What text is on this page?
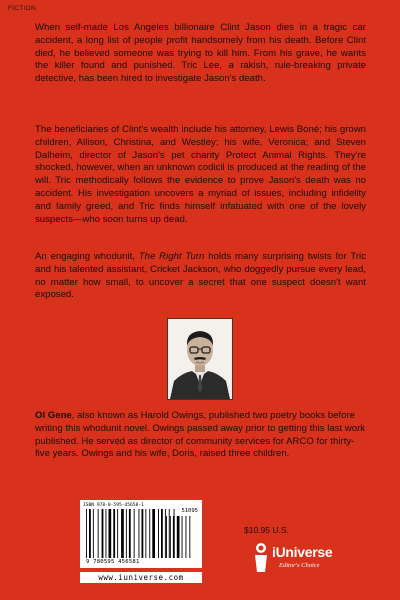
FICTION

When self-made Los Angeles billionaire Clint Jason dies in a tragic car accident, a long list of people profit handsomely from his death. Before Clint died, he believed someone was trying to kill him. From his grave, he wants the killer found and punished. Tric Lee, a rakish, rule-breaking private detective, has been hired to investigate Jason's death.

The beneficiaries of Clint's wealth include his attorney, Lewis Boné; his grown children, Allison, Christina, and Westley; his wife, Veronica; and Steven Dalheim, director of Jason's pet charity Protect Animal Rights. They're shocked, however, when an unknown codicil is produced at the reading of the will. Tric methodically follows the evidence to prove Jason's death was no accident. His investigation uncovers a myriad of issues, including infidelity and family greed, and Tric finds himself infatuated with one of the lovely suspects—who soon turns up dead.

An engaging whodunit, The Right Turn holds many surprising twists for Tric and his talented assistant, Cricket Jackson, who doggedly pursue every lead, no matter how small, to uncover a secret that one suspect doesn't want exposed.

Ol Gene, also known as Harold Owings, published two poetry books before writing this whodunit novel. Owings passed away prior to getting this last work published. He served as director of community services for ARCO for thirty-five years. Owings and his wife, Doris, raised three children.

ISBN 978-0-595-45658-1
51095
9 780595 456581
www.iuniverse.com
$10.95 U.S.
iUniverse
Editor's Choice
